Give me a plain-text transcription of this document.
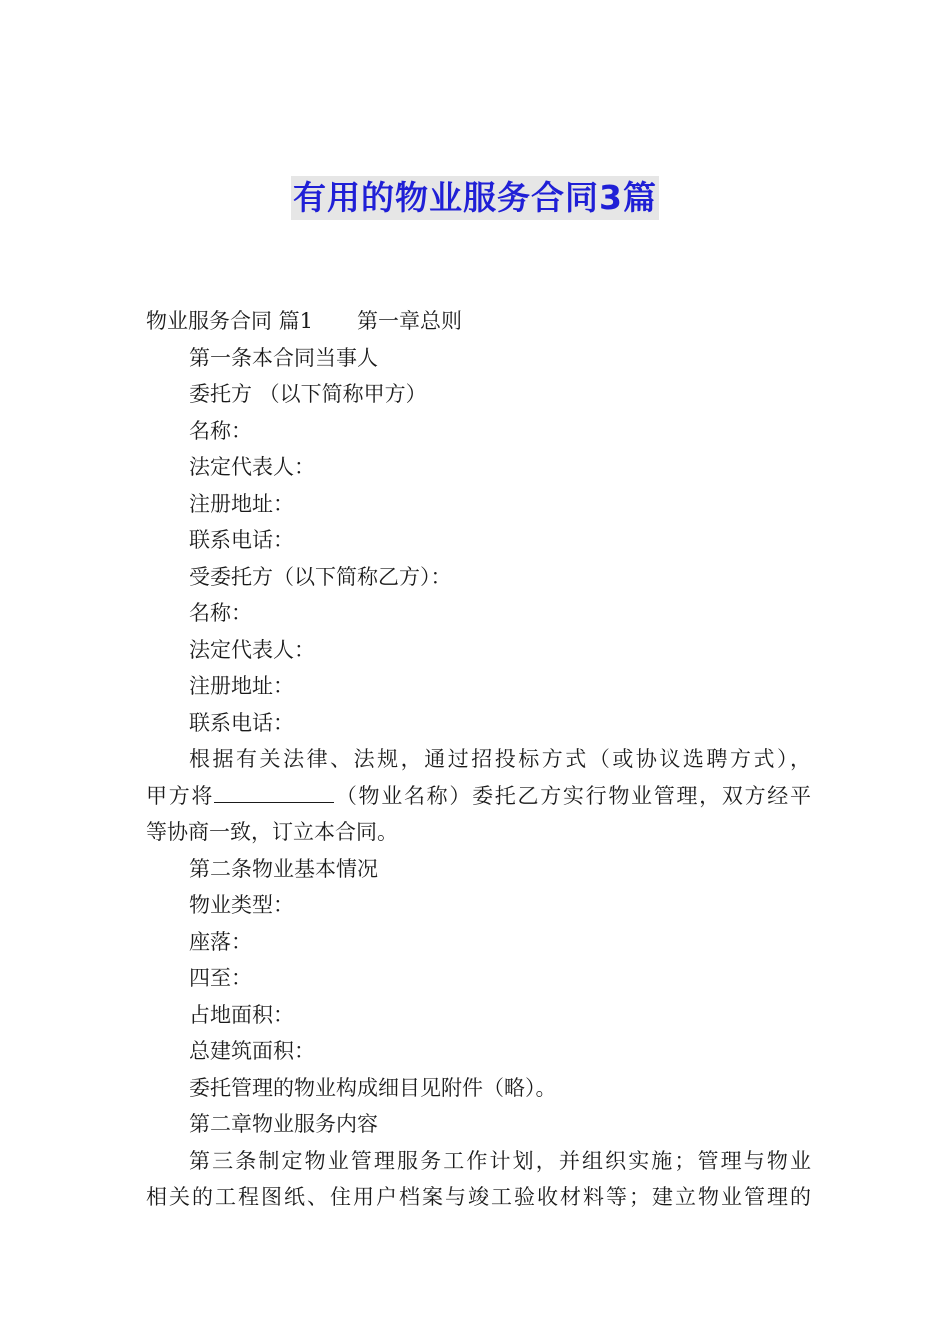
有用的物业服务合同3篇
物业服务合同 篇1 第一章总则
第一条本合同当事人
委托方 （以下简称甲方）
名称：
法定代表人：
注册地址：
联系电话：
受委托方（以下简称乙方）：
名称：
法定代表人：
注册地址：
联系电话：
根据有关法律、法规，通过招投标方式（或协议选聘方式），
甲方将	（物业名称）委托乙方实行物业管理，双方经平
等协商一致，订立本合同。
第二条物业基本情况
物业类型：
座落：
四至：
占地面积：
总建筑面积：
委托管理的物业构成细目见附件（略）。
第二章物业服务内容
第三条制定物业管理服务工作计划，并组织实施；管理与物业
相关的工程图纸、住用户档案与竣工验收材料等；建立物业管理的
